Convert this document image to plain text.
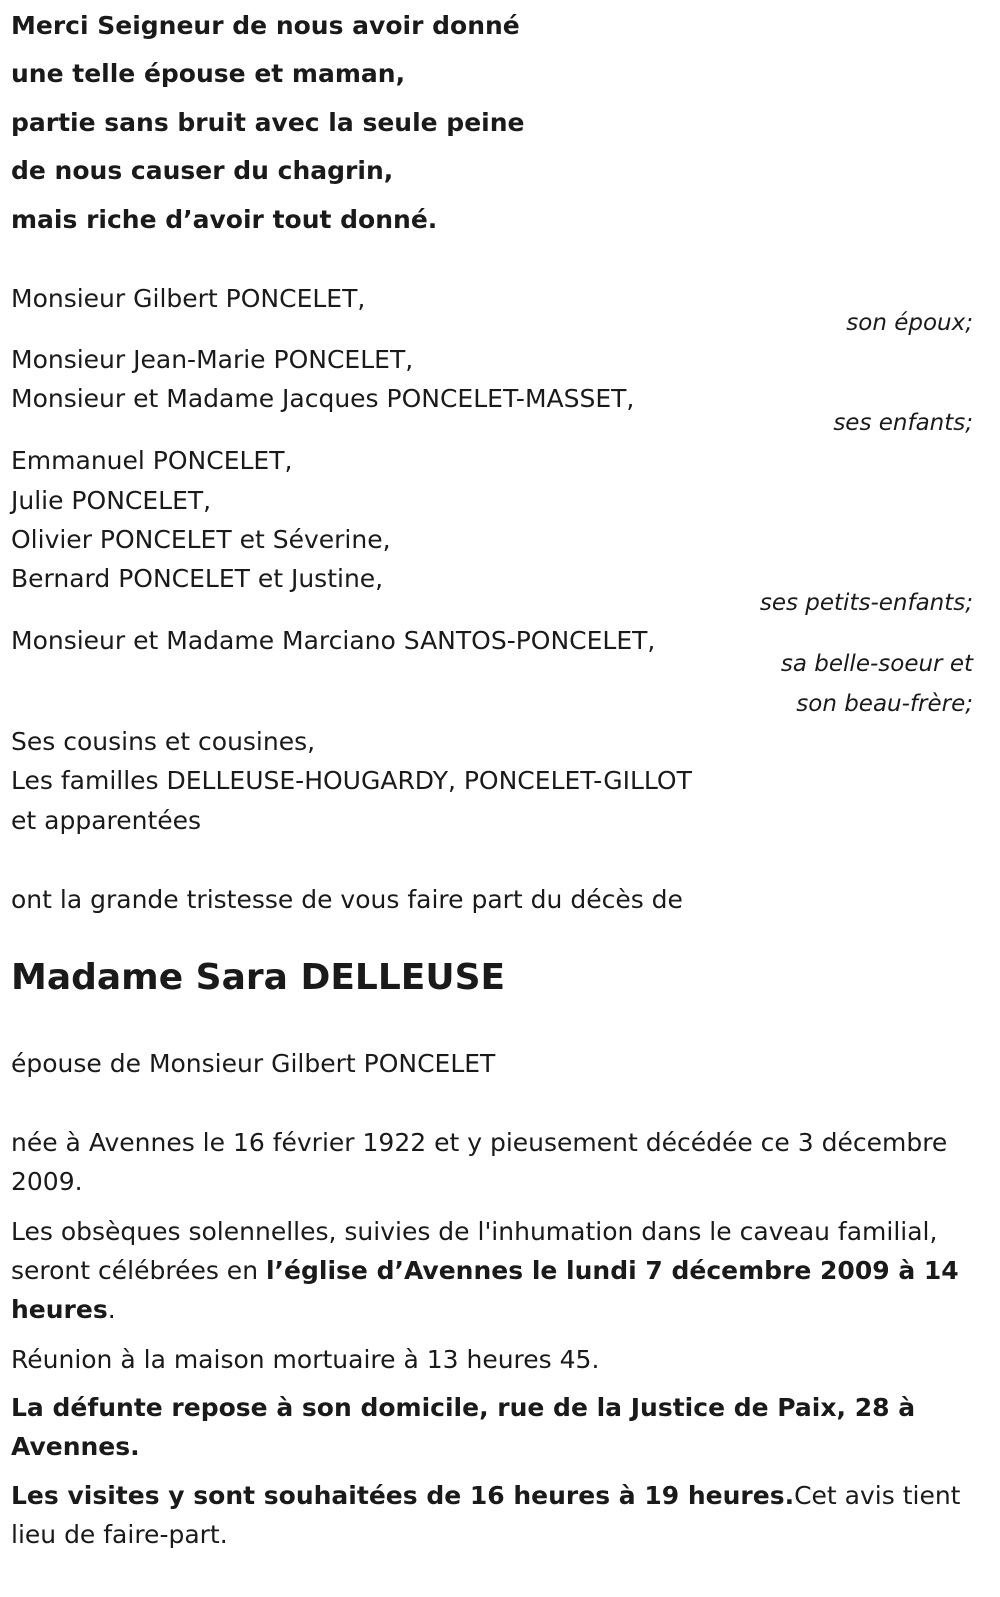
Merci Seigneur de nous avoir donné

une telle épouse et maman,

partie sans bruit avec la seule peine

de nous causer du chagrin,

mais riche d’avoir tout donné.

Monsieur Gilbert PONCELET,

son époux;

Monsieur Jean-Marie PONCELET,

Monsieur et Madame Jacques PONCELET-MASSET,

ses enfants;

Emmanuel PONCELET,

Julie PONCELET,

Olivier PONCELET et Séverine,

Bernard PONCELET et Justine,

ses petits-enfants;

Monsieur et Madame Marciano SANTOS-PONCELET,

sa belle-soeur et

son beau-frère;

Ses cousins et cousines,

Les familles DELLEUSE-HOUGARDY, PONCELET-GILLOT

et apparentées

ont la grande tristesse de vous faire part du décès de

Madame Sara DELLEUSE

épouse de Monsieur Gilbert PONCELET

née à Avennes le 16 février 1922 et y pieusement décédée ce 3 décembre 2009.

Les obsèques solennelles, suivies de l'inhumation dans le caveau familial, seront célébrées en l’église d’Avennes le lundi 7 décembre 2009 à 14 heures.

Réunion à la maison mortuaire à 13 heures 45.

La défunte repose à son domicile, rue de la Justice de Paix, 28 à Avennes.

Les visites y sont souhaitées de 16 heures à 19 heures.Cet avis tient lieu de faire-part.
